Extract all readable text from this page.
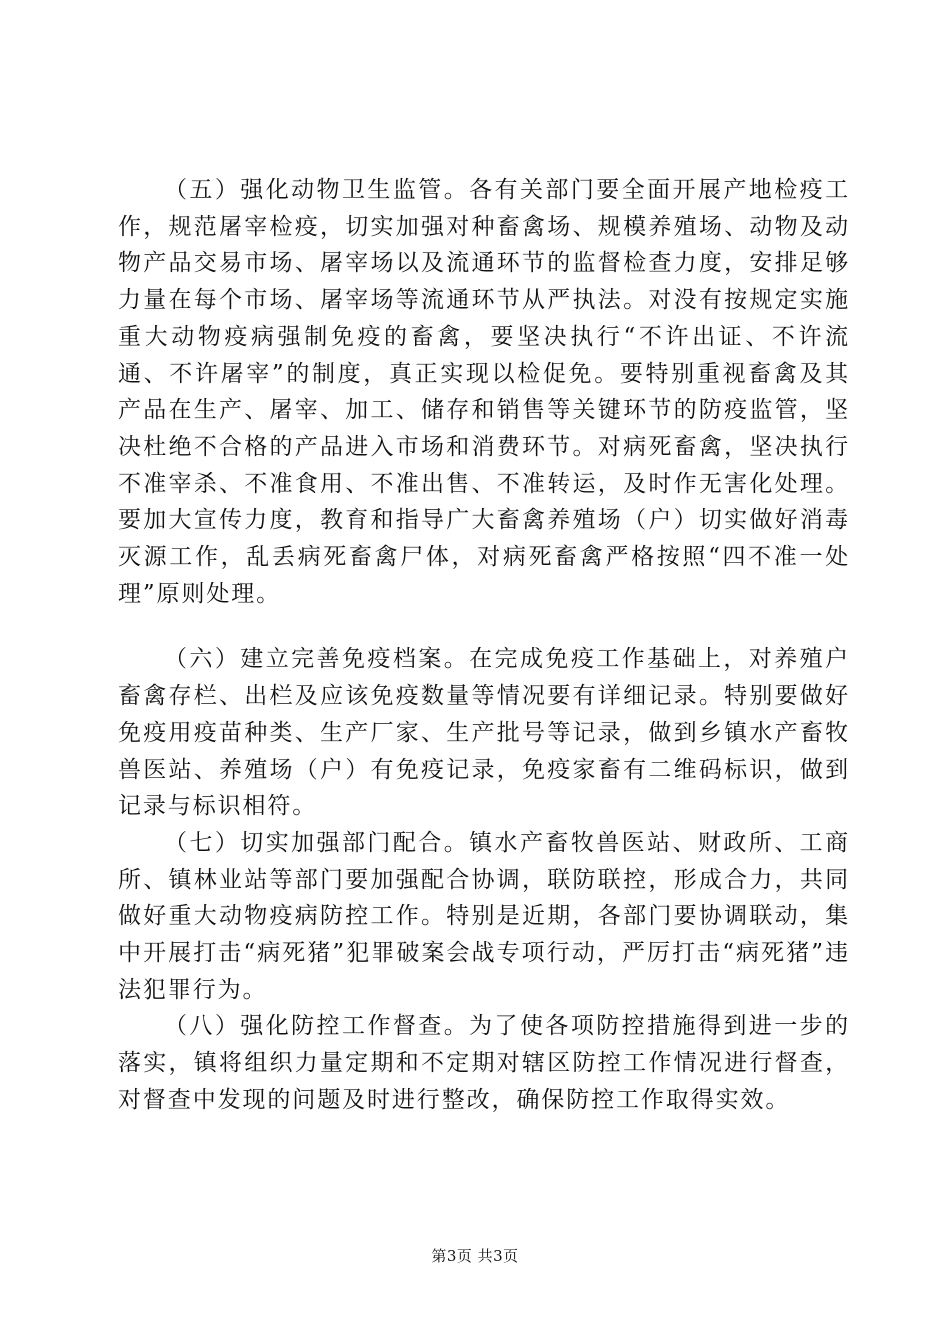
（五）强化动物卫生监管。各有关部门要全面开展产地检疫工作，规范屠宰检疫，切实加强对种畜禽场、规模养殖场、动物及动物产品交易市场、屠宰场以及流通环节的监督检查力度，安排足够力量在每个市场、屠宰场等流通环节从严执法。对没有按规定实施重大动物疫病强制免疫的畜禽，要坚决执行“不许出证、不许流通、不许屠宰”的制度，真正实现以检促免。要特别重视畜禽及其产品在生产、屠宰、加工、储存和销售等关键环节的防疫监管，坚决杜绝不合格的产品进入市场和消费环节。对病死畜禽，坚决执行不准宰杀、不准食用、不准出售、不准转运，及时作无害化处理。要加大宣传力度，教育和指导广大畜禽养殖场（户）切实做好消毒灭源工作，乱丢病死畜禽尸体，对病死畜禽严格按照“四不准一处理”原则处理。

（六）建立完善免疫档案。在完成免疫工作基础上，对养殖户畜禽存栏、出栏及应该免疫数量等情况要有详细记录。特别要做好免疫用疫苗种类、生产厂家、生产批号等记录，做到乡镇水产畜牧兽医站、养殖场（户）有免疫记录，免疫家畜有二维码标识，做到记录与标识相符。

（七）切实加强部门配合。镇水产畜牧兽医站、财政所、工商所、镇林业站等部门要加强配合协调，联防联控，形成合力，共同做好重大动物疫病防控工作。特别是近期，各部门要协调联动，集中开展打击“病死猪”犯罪破案会战专项行动，严厉打击“病死猪”违法犯罪行为。

（八）强化防控工作督查。为了使各项防控措施得到进一步的落实，镇将组织力量定期和不定期对辖区防控工作情况进行督查，对督查中发现的问题及时进行整改，确保防控工作取得实效。

第3页 共3页
